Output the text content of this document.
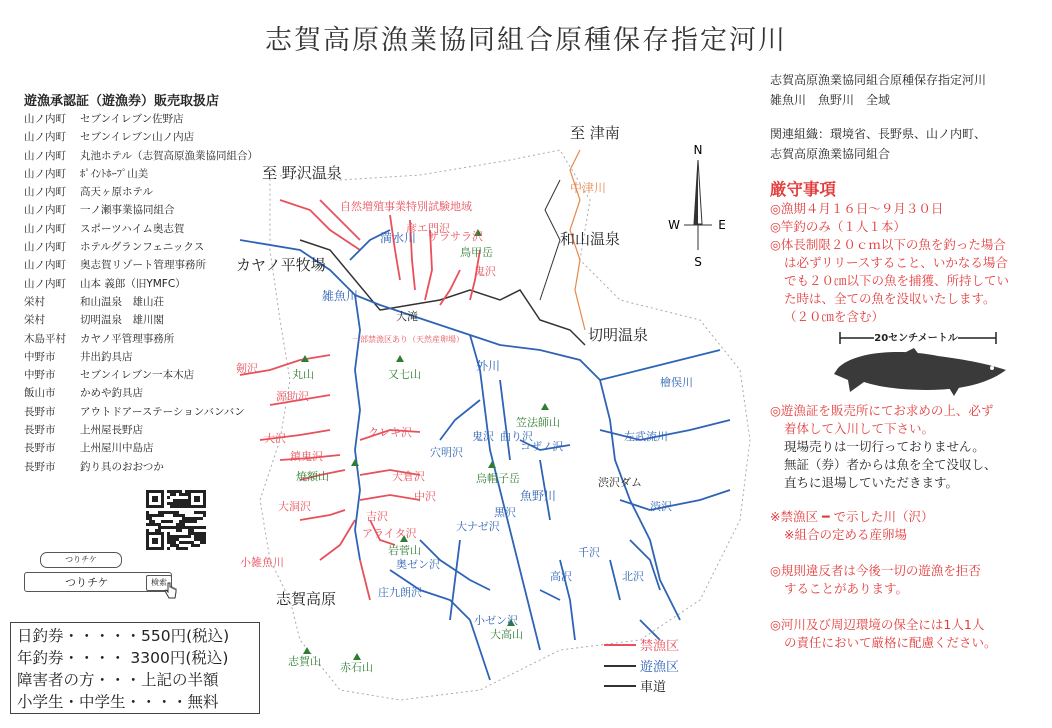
志賀高原漁業協同組合原種保存指定河川
遊漁承認証（遊漁券）販売取扱店
山ノ内町 セブンイレブン佐野店
山ノ内町 セブンイレブン山ノ内店
山ノ内町 丸池ホテル（志賀高原漁業協同組合）
山ノ内町 ﾎﾟｲﾝﾄﾎｰﾌﾟ山美
山ノ内町 高天ヶ原ホテル
山ノ内町 一ノ瀬事業協同組合
山ノ内町 スポーツハイム奥志賀
山ノ内町 ホテルグランフェニックス
山ノ内町 奥志賀リゾート管理事務所
山ノ内町 山本 義郎（旧YMFC）
栄村	和山温泉　雄山荘
栄村	切明温泉　雄川閣
木島平村 カヤノ平管理事務所
中野市 井出釣具店
中野市 セブンイレブン一本木店
飯山市 かめや釣具店
長野市 アウトドアーステーションバンバン
長野市 上州屋長野店
長野市 上州屋川中島店
長野市 釣り具のおおつか
つりチケ
つりチケ	検索
日釣券・・・・・550円(税込)
年釣券・・・・ 3300円(税込)
障害者の方・・・上記の半額
小学生・中学生・・・・無料
志賀高原漁業協同組合原種保存指定河川
雑魚川　魚野川　全域
関連組織：環境省、長野県、山ノ内町、
志賀高原漁業協同組合
厳守事項
◎漁期４月１６日～９月３０日
◎竿釣のみ（１人１本）
◎体長制限２０ｃｍ以下の魚を釣った場合
は必ずリリースすること、いかなる場合
でも２０㎝以下の魚を捕獲、所持してい
た時は、全ての魚を没収いたします。
（２０㎝を含む）
20センチメートル
◎遊漁証を販売所にてお求めの上、必ず
着体して入川して下さい。
現場売りは一切行っておりません。
無証（券）者からは魚を全て没収し、
直ちに退場していただきます。
※禁漁区 ━ で示した川（沢）
※組合の定める産卵場
◎規則違反者は今後一切の遊漁を拒否
することがあります。
◎河川及び周辺環境の保全には1人1人
の責任において厳格に配慮ください。
N
S
W	E
至 津南
至 野沢温泉
中津川
和山温泉
切明温泉
カヤノ平牧場
志賀高原
大滝
自然増殖事業特別試験地域
満水川 サラサラ沢
彦エ門沢
鬼沢
鳥甲岳
雑魚川
一部禁漁区あり（天然産卵場）
外川
丸山	又七山
剱沢
源助沢
大沢	クレキ沢
鎮鬼沢
焼額山	大倉沢
中沢
吉沢
大洞沢
アライタ沢
岩菅山
奥ゼン沢
小雑魚川
庄九朗沢
小ゼン沢
大高山
志賀山 赤石山
穴明沢
鬼沢 曲り沢
笠法師山
コザノ沢
烏帽子岳
魚野川
黒沢
大ナゼ沢
渋沢ダム
渋沢
千沢
高沢	北沢
檜俣川
左武流川
禁漁区
遊漁区
車道
